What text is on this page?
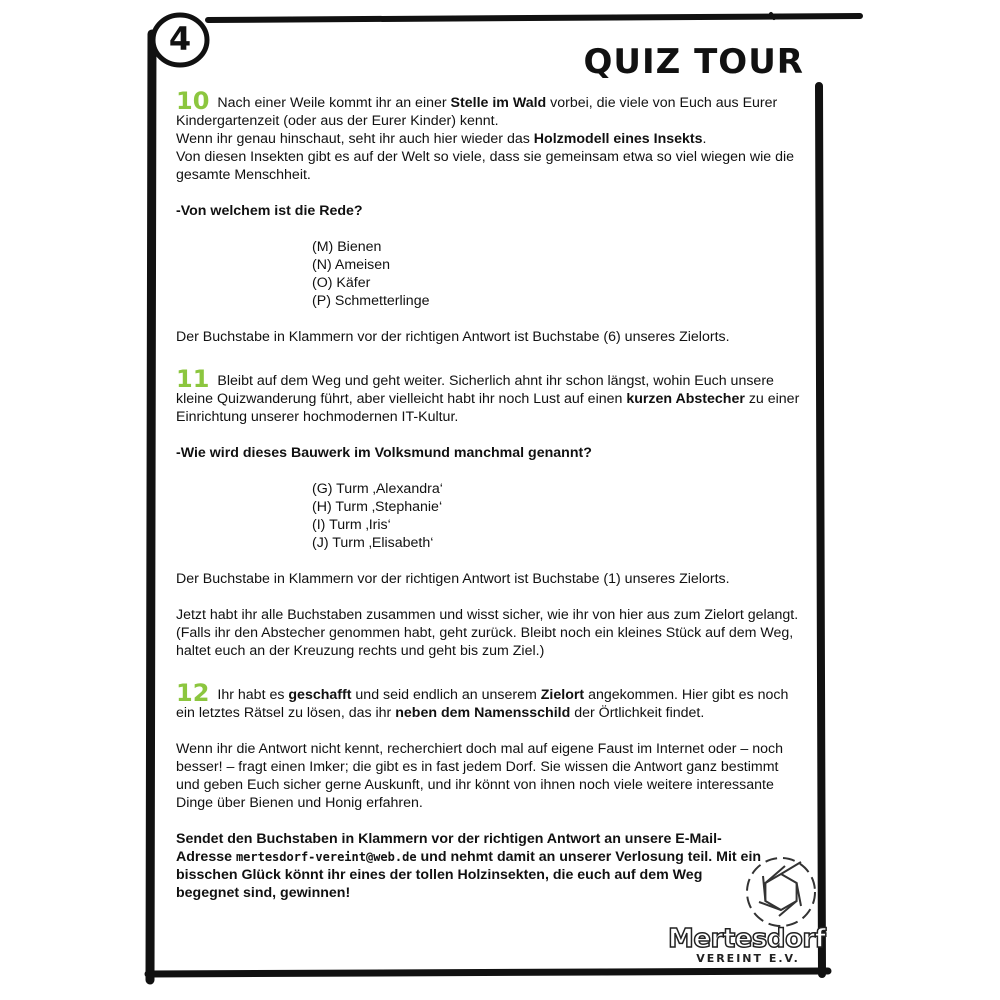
4
QUIZ TOUR

10 Nach einer Weile kommt ihr an einer Stelle im Wald vorbei, die viele von Euch aus Eurer Kindergartenzeit (oder aus der Eurer Kinder) kennt.
Wenn ihr genau hinschaut, seht ihr auch hier wieder das Holzmodell eines Insekts.
Von diesen Insekten gibt es auf der Welt so viele, dass sie gemeinsam etwa so viel wiegen wie die gesamte Menschheit.

-Von welchem ist die Rede?

(M) Bienen
(N) Ameisen
(O) Käfer
(P) Schmetterlinge

Der Buchstabe in Klammern vor der richtigen Antwort ist Buchstabe (6) unseres Zielorts.

11 Bleibt auf dem Weg und geht weiter. Sicherlich ahnt ihr schon längst, wohin Euch unsere kleine Quizwanderung führt, aber vielleicht habt ihr noch Lust auf einen kurzen Abstecher zu einer Einrichtung unserer hochmodernen IT-Kultur.

-Wie wird dieses Bauwerk im Volksmund manchmal genannt?

(G) Turm ‚Alexandra‘
(H) Turm ‚Stephanie‘
(I) Turm ‚Iris‘
(J) Turm ‚Elisabeth‘

Der Buchstabe in Klammern vor der richtigen Antwort ist Buchstabe (1) unseres Zielorts.

Jetzt habt ihr alle Buchstaben zusammen und wisst sicher, wie ihr von hier aus zum Zielort gelangt. (Falls ihr den Abstecher genommen habt, geht zurück. Bleibt noch ein kleines Stück auf dem Weg, haltet euch an der Kreuzung rechts und geht bis zum Ziel.)

12 Ihr habt es geschafft und seid endlich an unserem Zielort angekommen. Hier gibt es noch ein letztes Rätsel zu lösen, das ihr neben dem Namensschild der Örtlichkeit findet.

Wenn ihr die Antwort nicht kennt, recherchiert doch mal auf eigene Faust im Internet oder – noch besser! – fragt einen Imker; die gibt es in fast jedem Dorf. Sie wissen die Antwort ganz bestimmt und geben Euch sicher gerne Auskunft, und ihr könnt von ihnen noch viele weitere interessante Dinge über Bienen und Honig erfahren.

Sendet den Buchstaben in Klammern vor der richtigen Antwort an unsere E-Mail-Adresse mertesdorf-vereint@web.de und nehmt damit an unserer Verlosung teil. Mit ein bisschen Glück könnt ihr eines der tollen Holzinsekten, die euch auf dem Weg begegnet sind, gewinnen!

Mertesdorf
VEREINT E.V.
